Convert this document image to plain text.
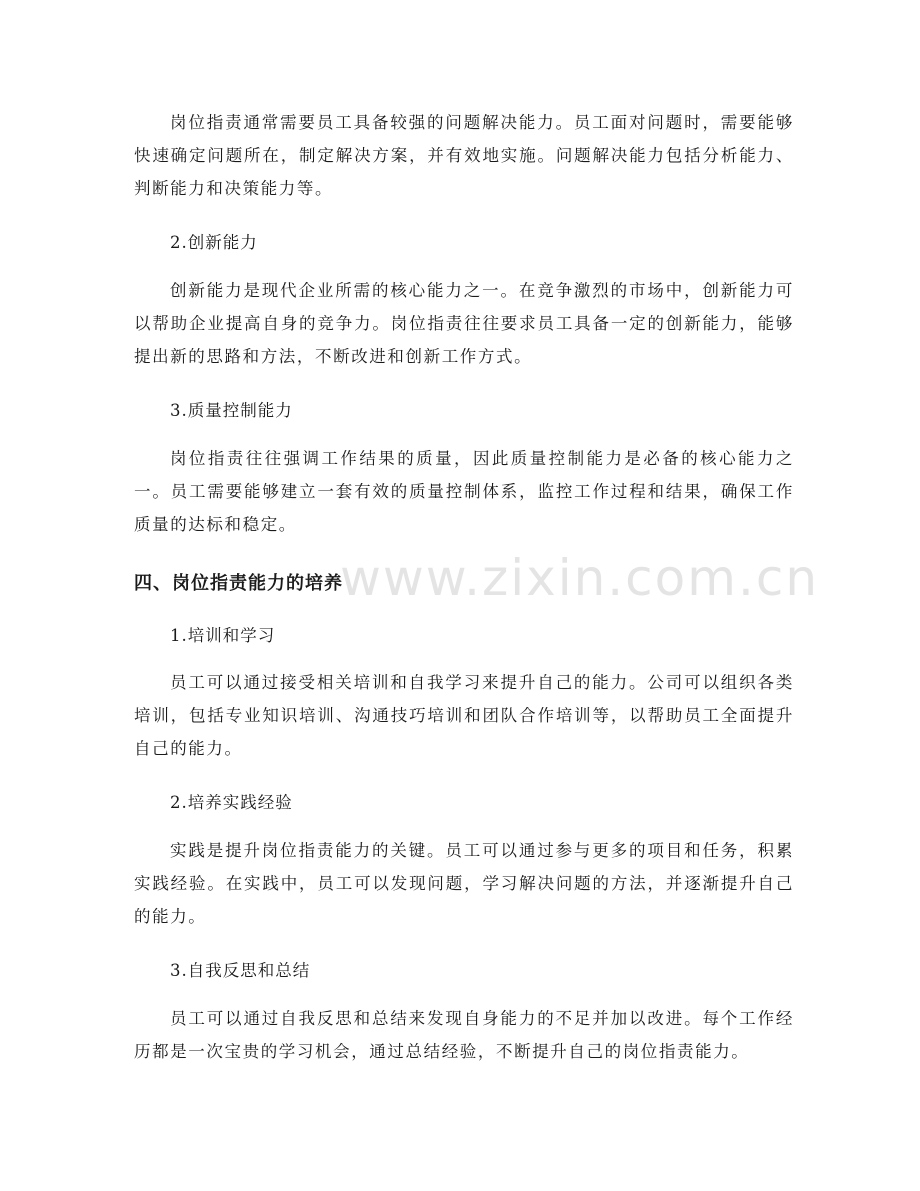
www.zixin.com.cn

岗位指责通常需要员工具备较强的问题解决能力。员工面对问题时，需要能够快速确定问题所在，制定解决方案，并有效地实施。问题解决能力包括分析能力、判断能力和决策能力等。

2.创新能力

创新能力是现代企业所需的核心能力之一。在竞争激烈的市场中，创新能力可以帮助企业提高自身的竞争力。岗位指责往往要求员工具备一定的创新能力，能够提出新的思路和方法，不断改进和创新工作方式。

3.质量控制能力

岗位指责往往强调工作结果的质量，因此质量控制能力是必备的核心能力之一。员工需要能够建立一套有效的质量控制体系，监控工作过程和结果，确保工作质量的达标和稳定。

四、岗位指责能力的培养

1.培训和学习

员工可以通过接受相关培训和自我学习来提升自己的能力。公司可以组织各类培训，包括专业知识培训、沟通技巧培训和团队合作培训等，以帮助员工全面提升自己的能力。

2.培养实践经验

实践是提升岗位指责能力的关键。员工可以通过参与更多的项目和任务，积累实践经验。在实践中，员工可以发现问题，学习解决问题的方法，并逐渐提升自己的能力。

3.自我反思和总结

员工可以通过自我反思和总结来发现自身能力的不足并加以改进。每个工作经历都是一次宝贵的学习机会，通过总结经验，不断提升自己的岗位指责能力。
